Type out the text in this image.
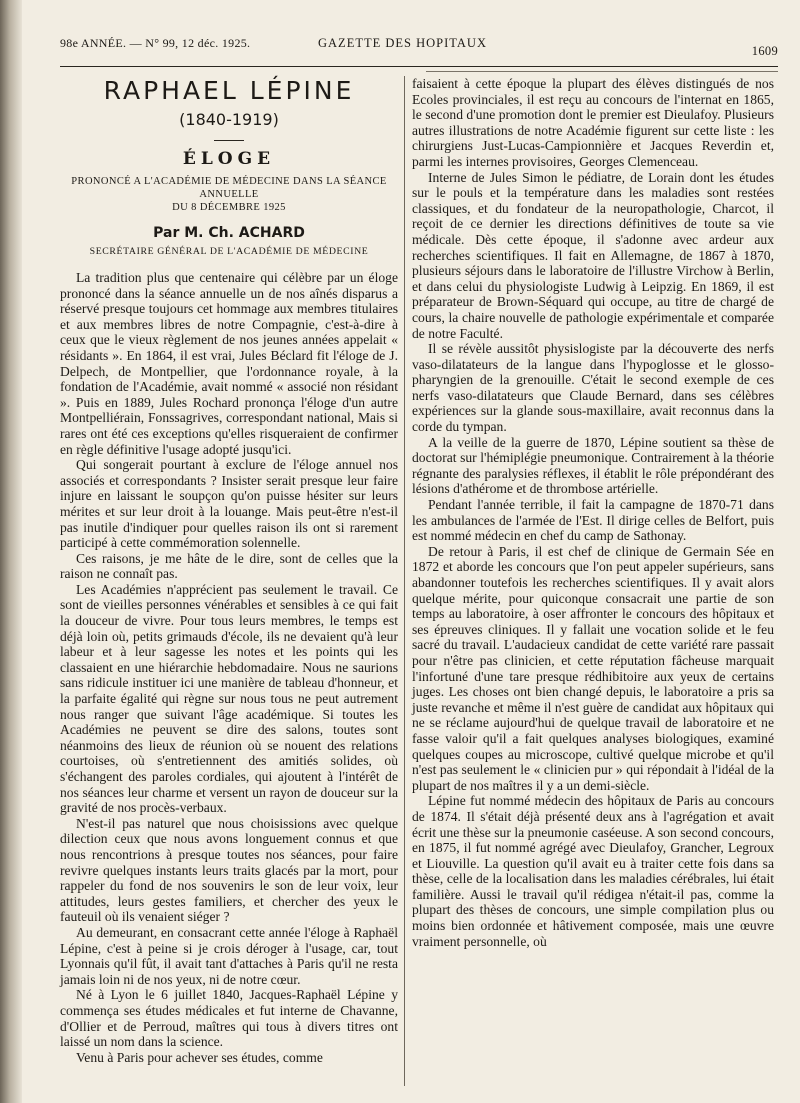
98e ANNÉE. — N° 99, 12 déc. 1925.	GAZETTE DES HOPITAUX
1609
RAPHAEL LÉPINE
(1840-1919)
ÉLOGE
PRONONCÉ A L'ACADÉMIE DE MÉDECINE DANS LA SÉANCE ANNUELLE
DU 8 DÉCEMBRE 1925
Par M. Ch. ACHARD
SECRÉTAIRE GÉNÉRAL DE L'ACADÉMIE DE MÉDECINE

La tradition plus que centenaire qui célèbre par un éloge prononcé dans la séance annuelle un de nos aînés disparus a réservé presque toujours cet hommage aux membres titulaires et aux membres libres de notre Compagnie, c'est-à-dire à ceux que le vieux règlement de nos jeunes années appelait « résidants ». En 1864, il est vrai, Jules Béclard fit l'éloge de J. Delpech, de Montpellier, que l'ordonnance royale, à la fondation de l'Académie, avait nommé « associé non résidant ». Puis en 1889, Jules Rochard prononça l'éloge d'un autre Montpelliérain, Fonssagrives, correspondant national, Mais si rares ont été ces exceptions qu'elles risqueraient de confirmer en règle définitive l'usage adopté jusqu'ici.

Qui songerait pourtant à exclure de l'éloge annuel nos associés et correspondants ? Insister serait presque leur faire injure en laissant le soupçon qu'on puisse hésiter sur leurs mérites et sur leur droit à la louange. Mais peut-être n'est-il pas inutile d'indiquer pour quelles raison ils ont si rarement participé à cette commémoration solennelle.

Ces raisons, je me hâte de le dire, sont de celles que la raison ne connaît pas.

Les Académies n'apprécient pas seulement le travail. Ce sont de vieilles personnes vénérables et sensibles à ce qui fait la douceur de vivre. Pour tous leurs membres, le temps est déjà loin où, petits grimauds d'école, ils ne devaient qu'à leur labeur et à leur sagesse les notes et les points qui les classaient en une hiérarchie hebdomadaire. Nous ne saurions sans ridicule instituer ici une manière de tableau d'honneur, et la parfaite égalité qui règne sur nous tous ne peut autrement nous ranger que suivant l'âge académique. Si toutes les Académies ne peuvent se dire des salons, toutes sont néanmoins des lieux de réunion où se nouent des relations courtoises, où s'entretiennent des amitiés solides, où s'échangent des paroles cordiales, qui ajoutent à l'intérêt de nos séances leur charme et versent un rayon de douceur sur la gravité de nos procès-verbaux.

N'est-il pas naturel que nous choisissions avec quelque dilection ceux que nous avons longuement connus et que nous rencontrions à presque toutes nos séances, pour faire revivre quelques instants leurs traits glacés par la mort, pour rappeler du fond de nos souvenirs le son de leur voix, leur attitudes, leurs gestes familiers, et chercher des yeux le fauteuil où ils venaient siéger ?

Au demeurant, en consacrant cette année l'éloge à Raphaël Lépine, c'est à peine si je crois déroger à l'usage, car, tout Lyonnais qu'il fût, il avait tant d'attaches à Paris qu'il ne resta jamais loin ni de nos yeux, ni de notre cœur.

Né à Lyon le 6 juillet 1840, Jacques-Raphaël Lépine y commença ses études médicales et fut interne de Chavanne, d'Ollier et de Perroud, maîtres qui tous à divers titres ont laissé un nom dans la science.

Venu à Paris pour achever ses études, comme

faisaient à cette époque la plupart des élèves distingués de nos Ecoles provinciales, il est reçu au concours de l'internat en 1865, le second d'une promotion dont le premier est Dieulafoy. Plusieurs autres illustrations de notre Académie figurent sur cette liste : les chirurgiens Just-Lucas-Campionnière et Jacques Reverdin et, parmi les internes provisoires, Georges Clemenceau.

Interne de Jules Simon le pédiatre, de Lorain dont les études sur le pouls et la température dans les maladies sont restées classiques, et du fondateur de la neuropathologie, Charcot, il reçoit de ce dernier les directions définitives de toute sa vie médicale. Dès cette époque, il s'adonne avec ardeur aux recherches scientifiques. Il fait en Allemagne, de 1867 à 1870, plusieurs séjours dans le laboratoire de l'illustre Virchow à Berlin, et dans celui du physiologiste Ludwig à Leipzig. En 1869, il est préparateur de Brown-Séquard qui occupe, au titre de chargé de cours, la chaire nouvelle de pathologie expérimentale et comparée de notre Faculté.

Il se révèle aussitôt physislogiste par la découverte des nerfs vaso-dilatateurs de la langue dans l'hypoglosse et le glosso-pharyngien de la grenouille. C'était le second exemple de ces nerfs vaso-dilatateurs que Claude Bernard, dans ses célèbres expériences sur la glande sous-maxillaire, avait reconnus dans la corde du tympan.

A la veille de la guerre de 1870, Lépine soutient sa thèse de doctorat sur l'hémiplégie pneumonique. Contrairement à la théorie régnante des paralysies réflexes, il établit le rôle prépondérant des lésions d'athérome et de thrombose artérielle.

Pendant l'année terrible, il fait la campagne de 1870-71 dans les ambulances de l'armée de l'Est. Il dirige celles de Belfort, puis est nommé médecin en chef du camp de Sathonay.

De retour à Paris, il est chef de clinique de Germain Sée en 1872 et aborde les concours que l'on peut appeler supérieurs, sans abandonner toutefois les recherches scientifiques. Il y avait alors quelque mérite, pour quiconque consacrait une partie de son temps au laboratoire, à oser affronter le concours des hôpitaux et ses épreuves cliniques. Il y fallait une vocation solide et le feu sacré du travail. L'audacieux candidat de cette variété rare passait pour n'être pas clinicien, et cette réputation fâcheuse marquait l'infortuné d'une tare presque rédhibitoire aux yeux de certains juges. Les choses ont bien changé depuis, le laboratoire a pris sa juste revanche et même il n'est guère de candidat aux hôpitaux qui ne se réclame aujourd'hui de quelque travail de laboratoire et ne fasse valoir qu'il a fait quelques analyses biologiques, examiné quelques coupes au microscope, cultivé quelque microbe et qu'il n'est pas seulement le « clinicien pur » qui répondait à l'idéal de la plupart de nos maîtres il y a un demi-siècle.

Lépine fut nommé médecin des hôpitaux de Paris au concours de 1874. Il s'était déjà présenté deux ans à l'agrégation et avait écrit une thèse sur la pneumonie caséeuse. A son second concours, en 1875, il fut nommé agrégé avec Dieulafoy, Grancher, Legroux et Liouville. La question qu'il avait eu à traiter cette fois dans sa thèse, celle de la localisation dans les maladies cérébrales, lui était familière. Aussi le travail qu'il rédigea n'était-il pas, comme la plupart des thèses de concours, une simple compilation plus ou moins bien ordonnée et hâtivement composée, mais une œuvre vraiment personnelle, où
